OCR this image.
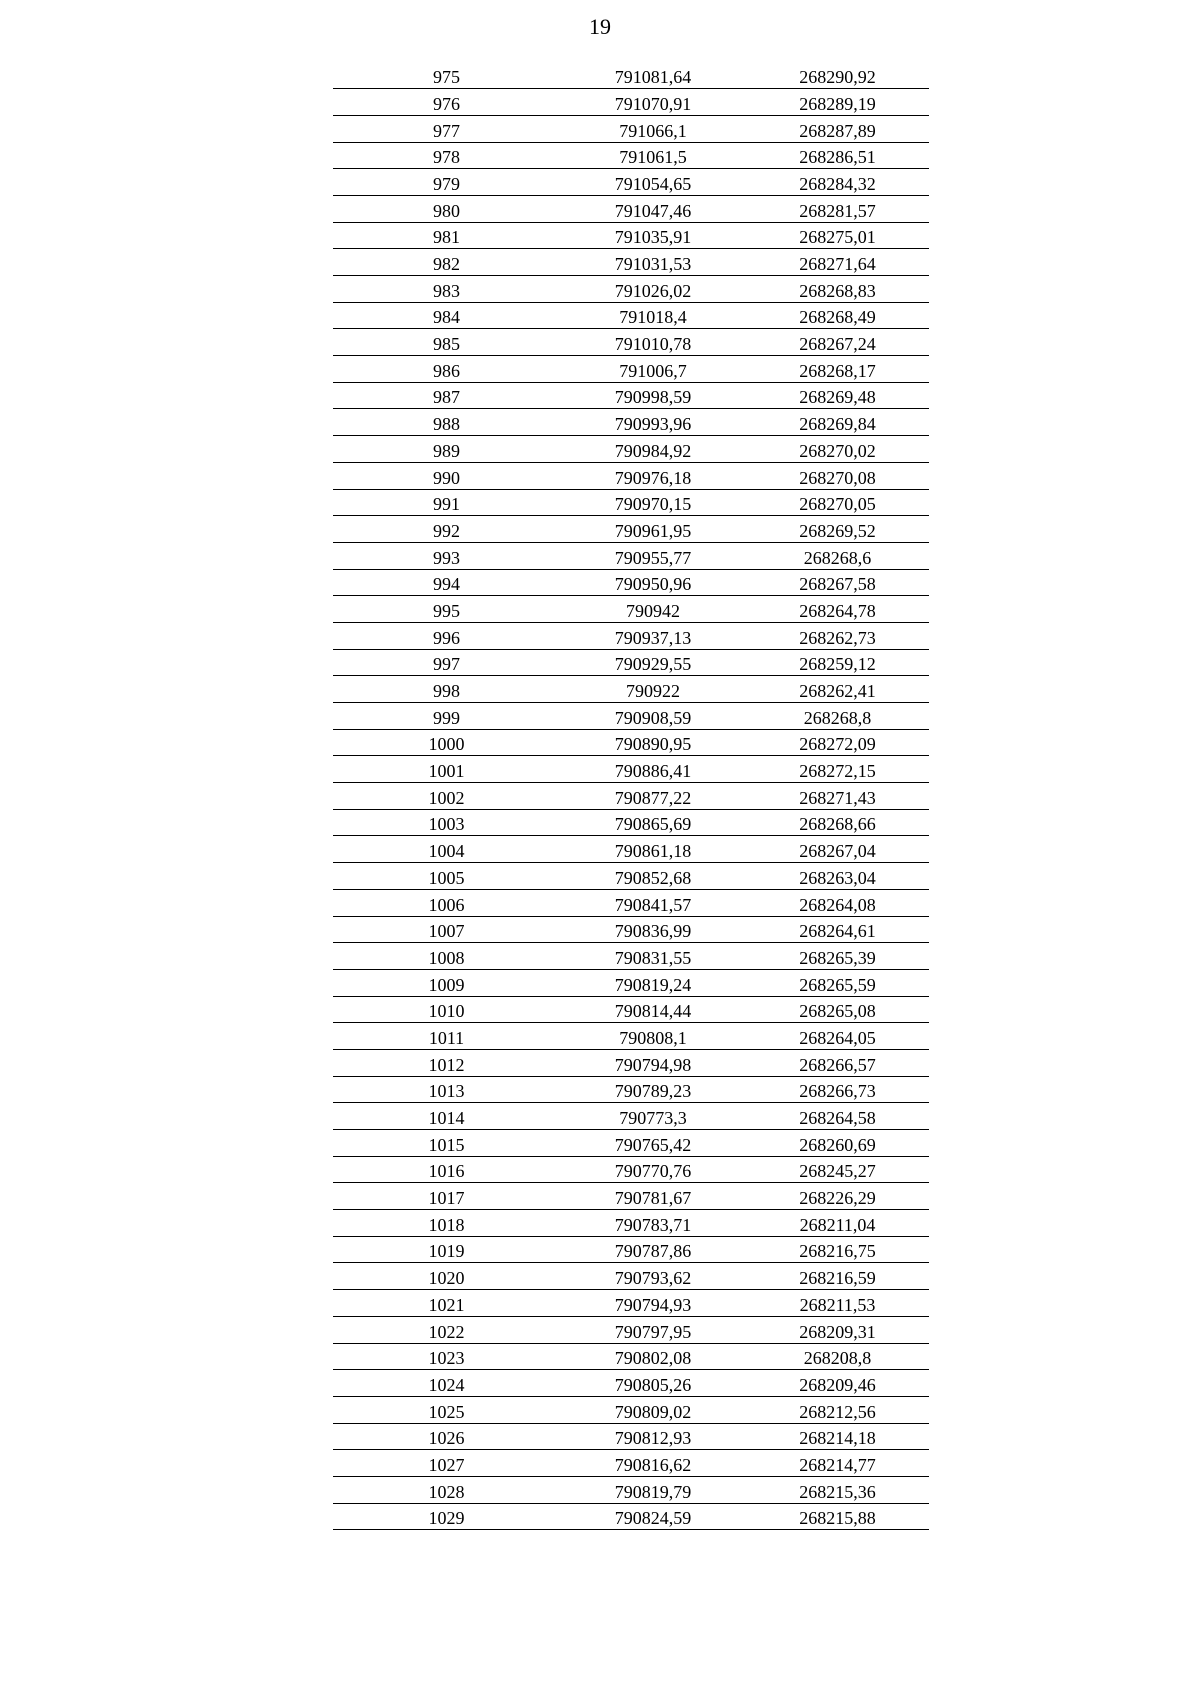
19
975	791081,64	268290,92
976	791070,91	268289,19
977	791066,1	268287,89
978	791061,5	268286,51
979	791054,65	268284,32
980	791047,46	268281,57
981	791035,91	268275,01
982	791031,53	268271,64
983	791026,02	268268,83
984	791018,4	268268,49
985	791010,78	268267,24
986	791006,7	268268,17
987	790998,59	268269,48
988	790993,96	268269,84
989	790984,92	268270,02
990	790976,18	268270,08
991	790970,15	268270,05
992	790961,95	268269,52
993	790955,77	268268,6
994	790950,96	268267,58
995	790942	268264,78
996	790937,13	268262,73
997	790929,55	268259,12
998	790922	268262,41
999	790908,59	268268,8
1000	790890,95	268272,09
1001	790886,41	268272,15
1002	790877,22	268271,43
1003	790865,69	268268,66
1004	790861,18	268267,04
1005	790852,68	268263,04
1006	790841,57	268264,08
1007	790836,99	268264,61
1008	790831,55	268265,39
1009	790819,24	268265,59
1010	790814,44	268265,08
1011	790808,1	268264,05
1012	790794,98	268266,57
1013	790789,23	268266,73
1014	790773,3	268264,58
1015	790765,42	268260,69
1016	790770,76	268245,27
1017	790781,67	268226,29
1018	790783,71	268211,04
1019	790787,86	268216,75
1020	790793,62	268216,59
1021	790794,93	268211,53
1022	790797,95	268209,31
1023	790802,08	268208,8
1024	790805,26	268209,46
1025	790809,02	268212,56
1026	790812,93	268214,18
1027	790816,62	268214,77
1028	790819,79	268215,36
1029	790824,59	268215,88
